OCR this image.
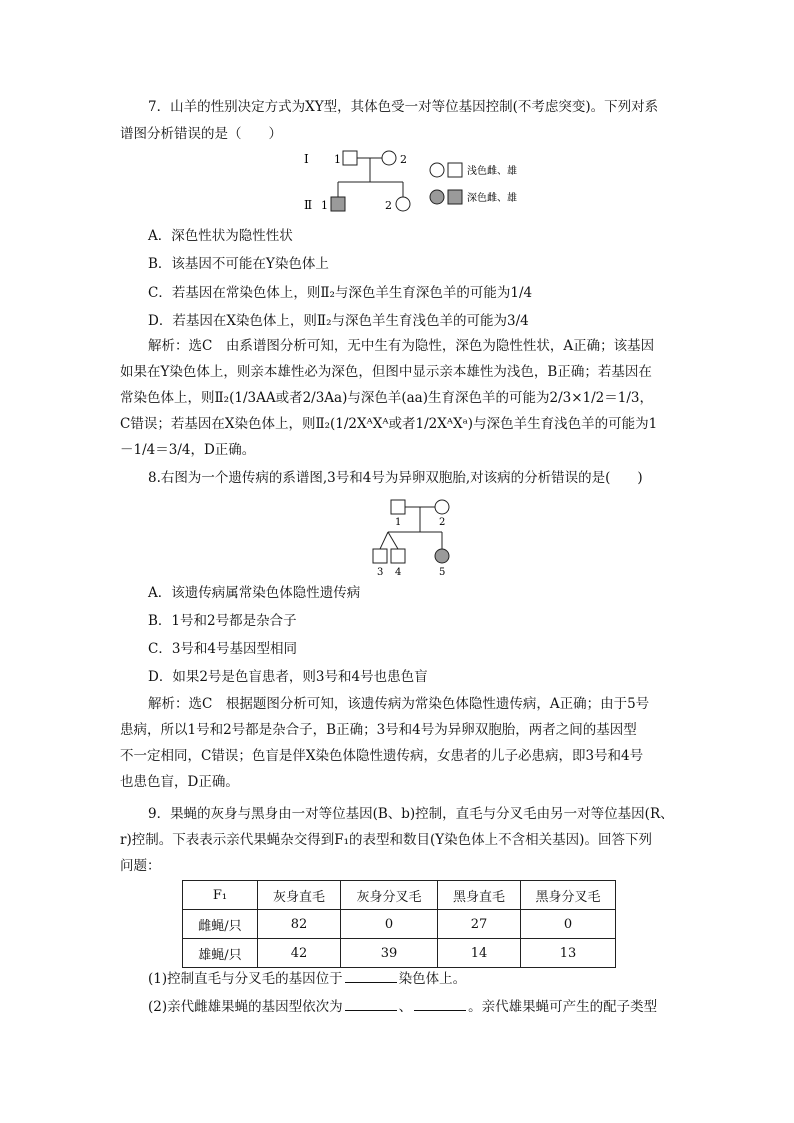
7．山羊的性别决定方式为XY型，其体色受一对等位基因控制(不考虑突变)。下列对系
谱图分析错误的是（　　）
Ⅰ 1	2
Ⅱ 1	2
浅色雌、雄
深色雌、雄
A．深色性状为隐性性状
B．该基因不可能在Y染色体上
C．若基因在常染色体上，则Ⅱ₂与深色羊生育深色羊的可能为1/4
D．若基因在X染色体上，则Ⅱ₂与深色羊生育浅色羊的可能为3/4
解析：选C　由系谱图分析可知，无中生有为隐性，深色为隐性性状，A正确；该基因
如果在Y染色体上，则亲本雄性必为深色，但图中显示亲本雄性为浅色，B正确；若基因在
常染色体上，则Ⅱ₂(1/3AA或者2/3Aa)与深色羊(aa)生育深色羊的可能为2/3×1/2＝1/3，
C错误；若基因在X染色体上，则Ⅱ₂(1/2XᴬXᴬ或者1/2XᴬXᵃ)与深色羊生育浅色羊的可能为1
－1/4＝3/4，D正确。
8.右图为一个遗传病的系谱图,3号和4号为异卵双胞胎,对该病的分析错误的是(　　)
1	2
3 4	5
A．该遗传病属常染色体隐性遗传病
B．1号和2号都是杂合子
C．3号和4号基因型相同
D．如果2号是色盲患者，则3号和4号也患色盲
解析：选C　根据题图分析可知，该遗传病为常染色体隐性遗传病，A正确；由于5号
患病，所以1号和2号都是杂合子，B正确；3号和4号为异卵双胞胎，两者之间的基因型
不一定相同，C错误；色盲是伴X染色体隐性遗传病，女患者的儿子必患病，即3号和4号
也患色盲，D正确。
9．果蝇的灰身与黑身由一对等位基因(B、b)控制，直毛与分叉毛由另一对等位基因(R、
r)控制。下表表示亲代果蝇杂交得到F₁的表型和数目(Y染色体上不含相关基因)。回答下列
问题：
F₁	灰身直毛	灰身分叉毛	黑身直毛	黑身分叉毛
雌蝇/只	82	0	27	0
雄蝇/只	42	39	14	13
(1)控制直毛与分叉毛的基因位于	染色体上。
(2)亲代雌雄果蝇的基因型依次为	、	。亲代雄果蝇可产生的配子类型
